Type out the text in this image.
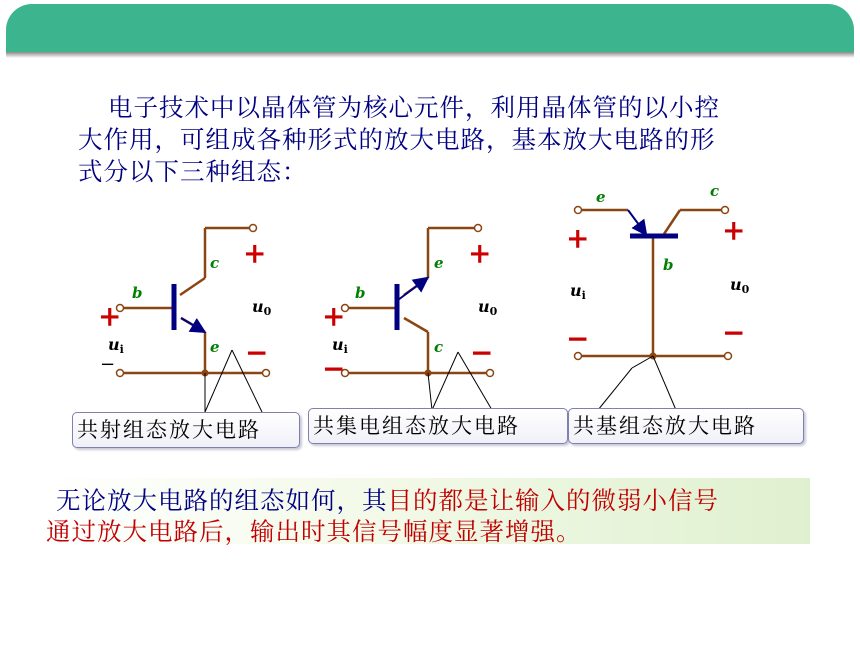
电子技术中以晶体管为核心元件，利用晶体管的以小控
大作用，可组成各种形式的放大电路，基本放大电路的形
式分以下三种组态：
b
c
e
+
ui
−
+
u0
−
b
e
c
+
ui
−
+
u0
−
e	c
b
+
ui
−
+
u0
−
共射组态放大电路	共集电组态放大电路	共基组态放大电路
无论放大电路的组态如何，其目的都是让输入的微弱小信号
通过放大电路后，输出时其信号幅度显著增强。
